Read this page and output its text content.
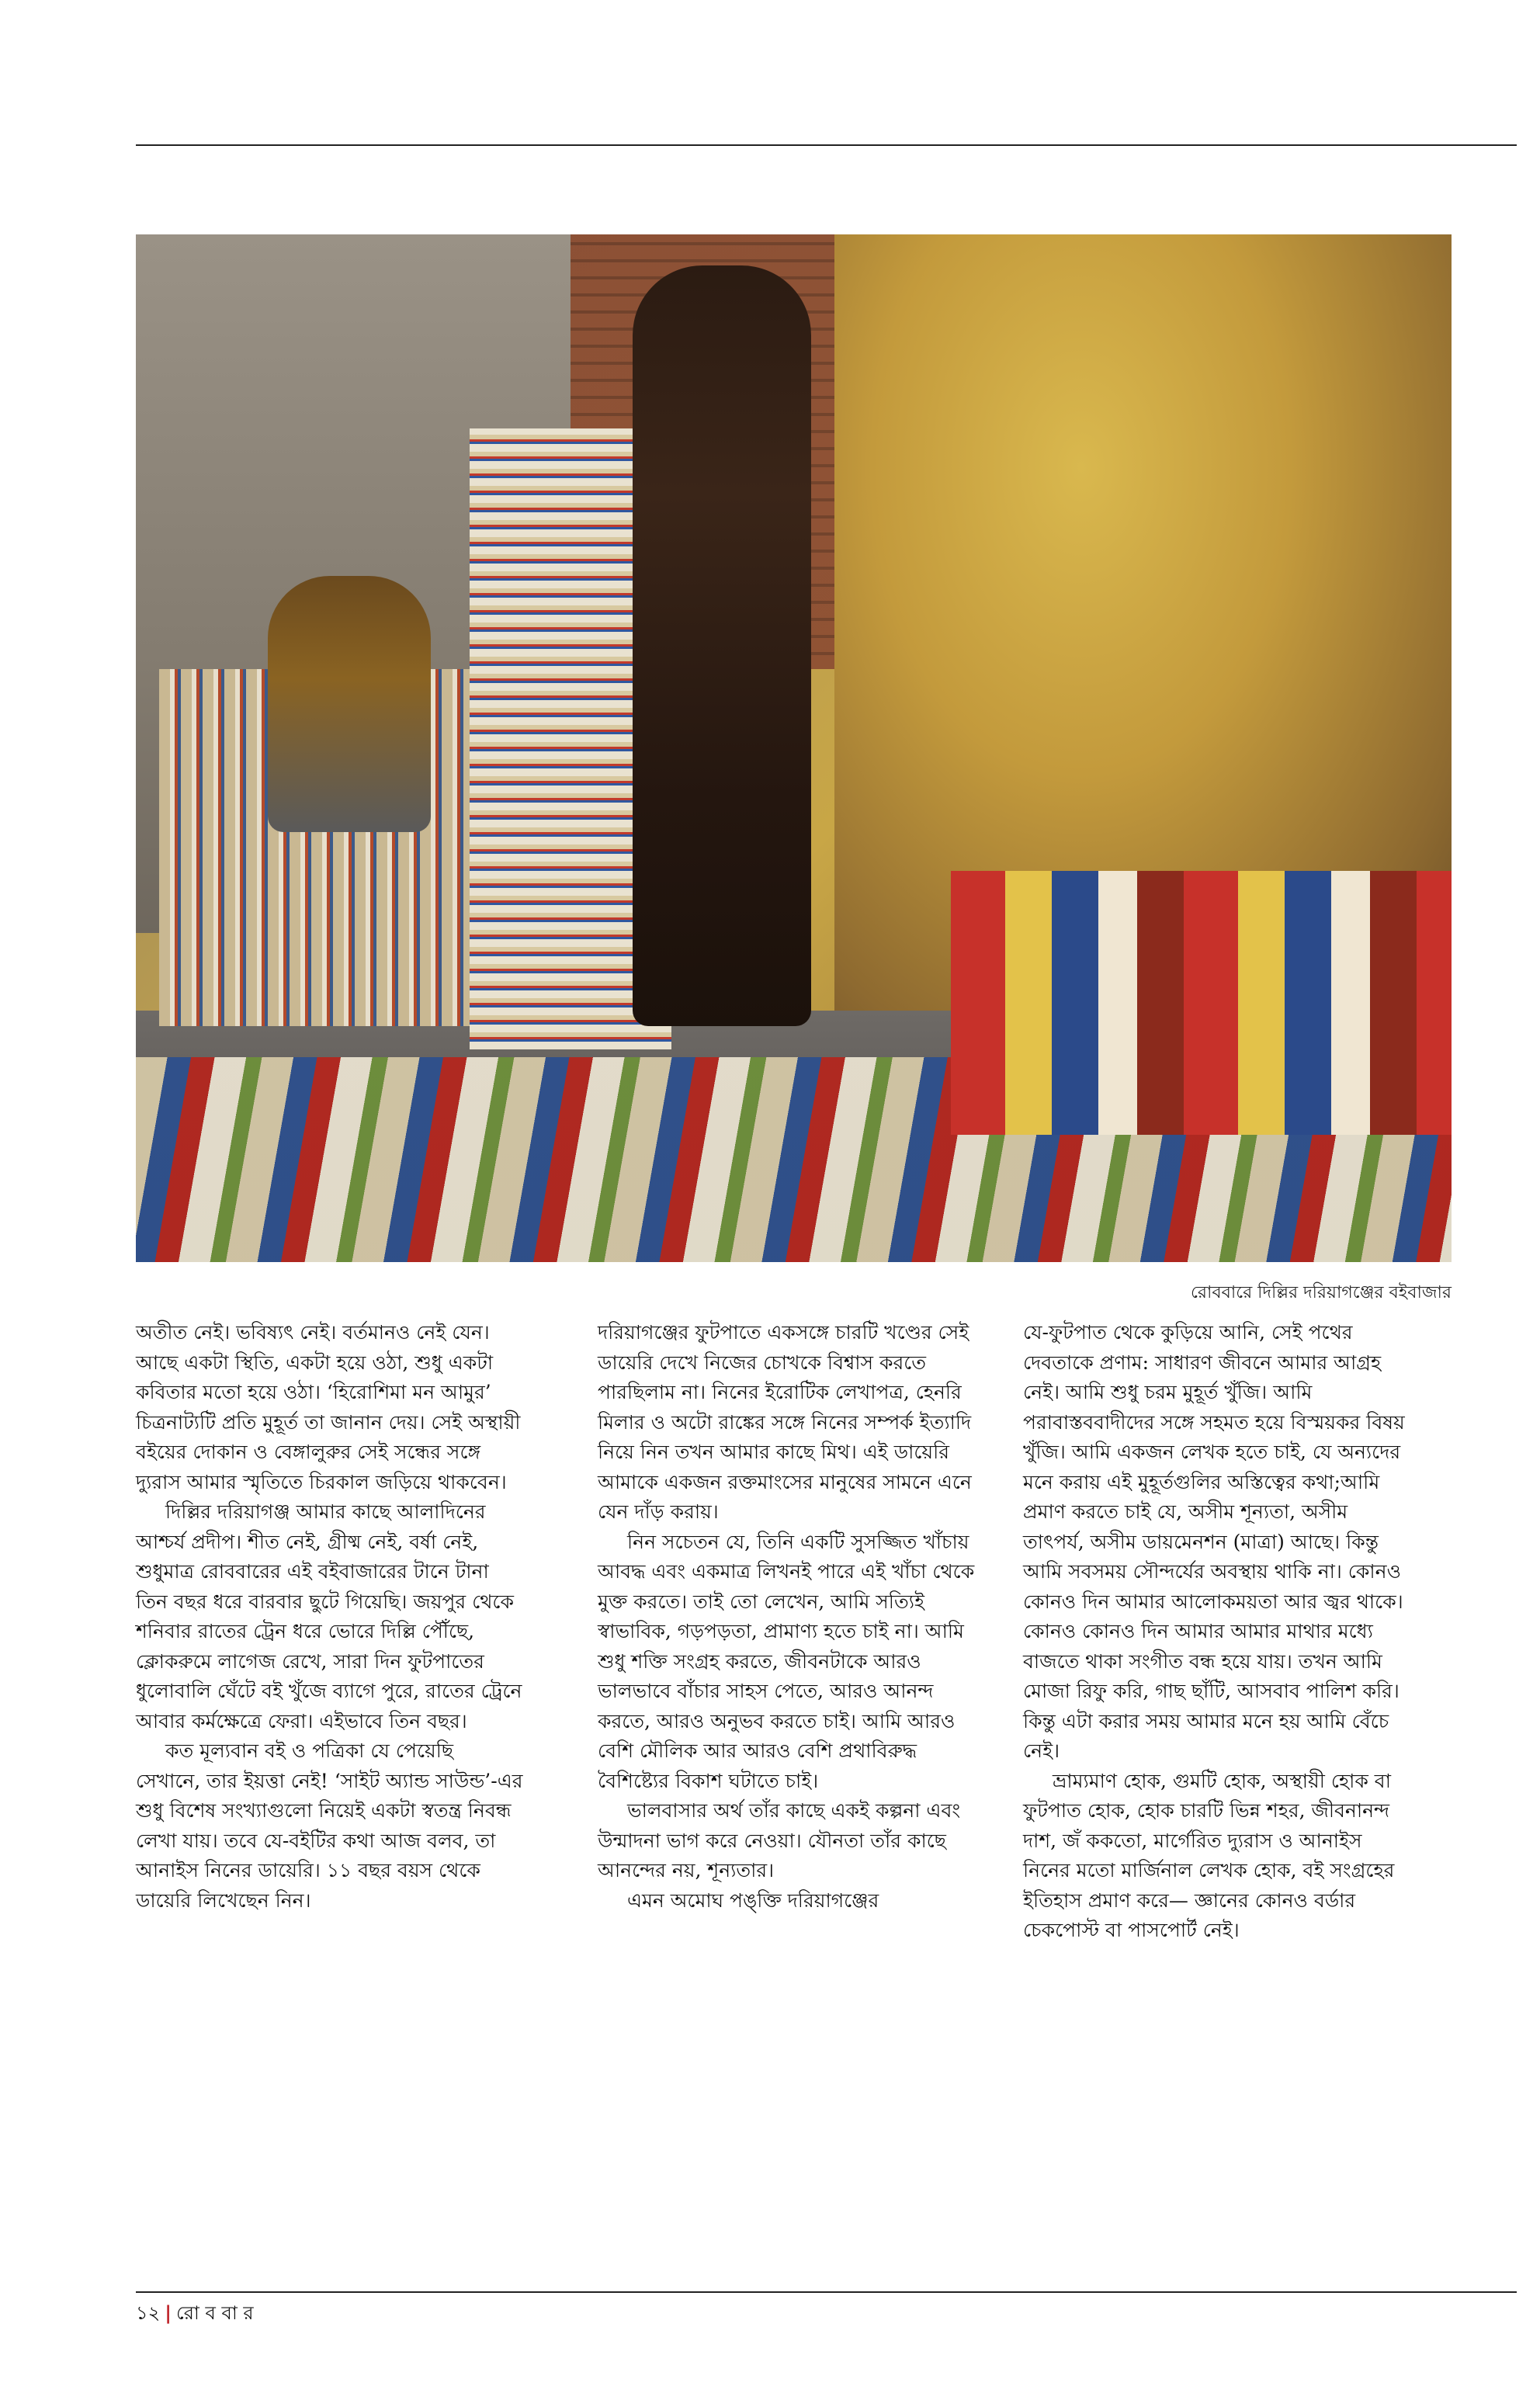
রোববারে দিল্লির দরিয়াগঞ্জের বইবাজার

অতীত নেই। ভবিষ্যৎ নেই। বর্তমানও নেই যেন। আছে একটা স্থিতি, একটা হয়ে ওঠা, শুধু একটা কবিতার মতো হয়ে ওঠা। ‘হিরোশিমা মন আমুর’ চিত্রনাট্যটি প্রতি মুহূর্ত তা জানান দেয়। সেই অস্থায়ী বইয়ের দোকান ও বেঙ্গালুরুর সেই সন্ধের সঙ্গে দ্যুরাস আমার স্মৃতিতে চিরকাল জড়িয়ে থাকবেন।

দিল্লির দরিয়াগঞ্জ আমার কাছে আলাদিনের আশ্চর্য প্রদীপ। শীত নেই, গ্রীষ্ম নেই, বর্ষা নেই, শুধুমাত্র রোববারের এই বইবাজারের টানে টানা তিন বছর ধরে বারবার ছুটে গিয়েছি। জয়পুর থেকে শনিবার রাতের ট্রেন ধরে ভোরে দিল্লি পৌঁছে, ক্লোকরুমে লাগেজ রেখে, সারা দিন ফুটপাতের ধুলোবালি ঘেঁটে বই খুঁজে ব্যাগে পুরে, রাতের ট্রেনে আবার কর্মক্ষেত্রে ফেরা। এইভাবে তিন বছর।

কত মূল্যবান বই ও পত্রিকা যে পেয়েছি সেখানে, তার ইয়ত্তা নেই! ‘সাইট অ্যান্ড সাউন্ড’-এর শুধু বিশেষ সংখ্যাগুলো নিয়েই একটা স্বতন্ত্র নিবন্ধ লেখা যায়। তবে যে-বইটির কথা আজ বলব, তা আনাইস নিনের ডায়েরি। ১১ বছর বয়স থেকে ডায়েরি লিখেছেন নিন।

দরিয়াগঞ্জের ফুটপাতে একসঙ্গে চারটি খণ্ডের সেই ডায়েরি দেখে নিজের চোখকে বিশ্বাস করতে পারছিলাম না। নিনের ইরোটিক লেখাপত্র, হেনরি মিলার ও অটো রাঙ্কের সঙ্গে নিনের সম্পর্ক ইত্যাদি নিয়ে নিন তখন আমার কাছে মিথ। এই ডায়েরি আমাকে একজন রক্তমাংসের মানুষের সামনে এনে যেন দাঁড় করায়।

নিন সচেতন যে, তিনি একটি সুসজ্জিত খাঁচায় আবদ্ধ এবং একমাত্র লিখনই পারে এই খাঁচা থেকে মুক্ত করতে। তাই তো লেখেন, আমি সত্যিই স্বাভাবিক, গড়পড়তা, প্রামাণ্য হতে চাই না। আমি শুধু শক্তি সংগ্রহ করতে, জীবনটাকে আরও ভালভাবে বাঁচার সাহস পেতে, আরও আনন্দ করতে, আরও অনুভব করতে চাই। আমি আরও বেশি মৌলিক আর আরও বেশি প্রথাবিরুদ্ধ বৈশিষ্ট্যের বিকাশ ঘটাতে চাই।

ভালবাসার অর্থ তাঁর কাছে একই কল্পনা এবং উন্মাদনা ভাগ করে নেওয়া। যৌনতা তাঁর কাছে আনন্দের নয়, শূন্যতার।

এমন অমোঘ পঙ্‌ক্তি দরিয়াগঞ্জের

যে-ফুটপাত থেকে কুড়িয়ে আনি, সেই পথের দেবতাকে প্রণাম: সাধারণ জীবনে আমার আগ্রহ নেই। আমি শুধু চরম মুহূর্ত খুঁজি। আমি পরাবাস্তববাদীদের সঙ্গে সহমত হয়ে বিস্ময়কর বিষয় খুঁজি। আমি একজন লেখক হতে চাই, যে অন্যদের মনে করায় এই মুহূর্তগুলির অস্তিত্বের কথা;আমি প্রমাণ করতে চাই যে, অসীম শূন্যতা, অসীম তাৎপর্য, অসীম ডায়মেনশন (মাত্রা) আছে। কিন্তু আমি সবসময় সৌন্দর্যের অবস্থায় থাকি না। কোনও কোনও দিন আমার আলোকময়তা আর জ্বর থাকে। কোনও কোনও দিন আমার আমার মাথার মধ্যে বাজতে থাকা সংগীত বন্ধ হয়ে যায়। তখন আমি মোজা রিফু করি, গাছ ছাঁটি, আসবাব পালিশ করি। কিন্তু এটা করার সময় আমার মনে হয় আমি বেঁচে নেই।

ভ্রাম্যমাণ হোক, গুমটি হোক, অস্থায়ী হোক বা ফুটপাত হোক, হোক চারটি ভিন্ন শহর, জীবনানন্দ দাশ, জঁ ককতো, মার্গেরিত দ্যুরাস ও আনাইস নিনের মতো মার্জিনাল লেখক হোক, বই সংগ্রহের ইতিহাস প্রমাণ করে— জ্ঞানের কোনও বর্ডার চেকপোস্ট বা পাসপোর্ট নেই।

১২ | রো ব বা র
